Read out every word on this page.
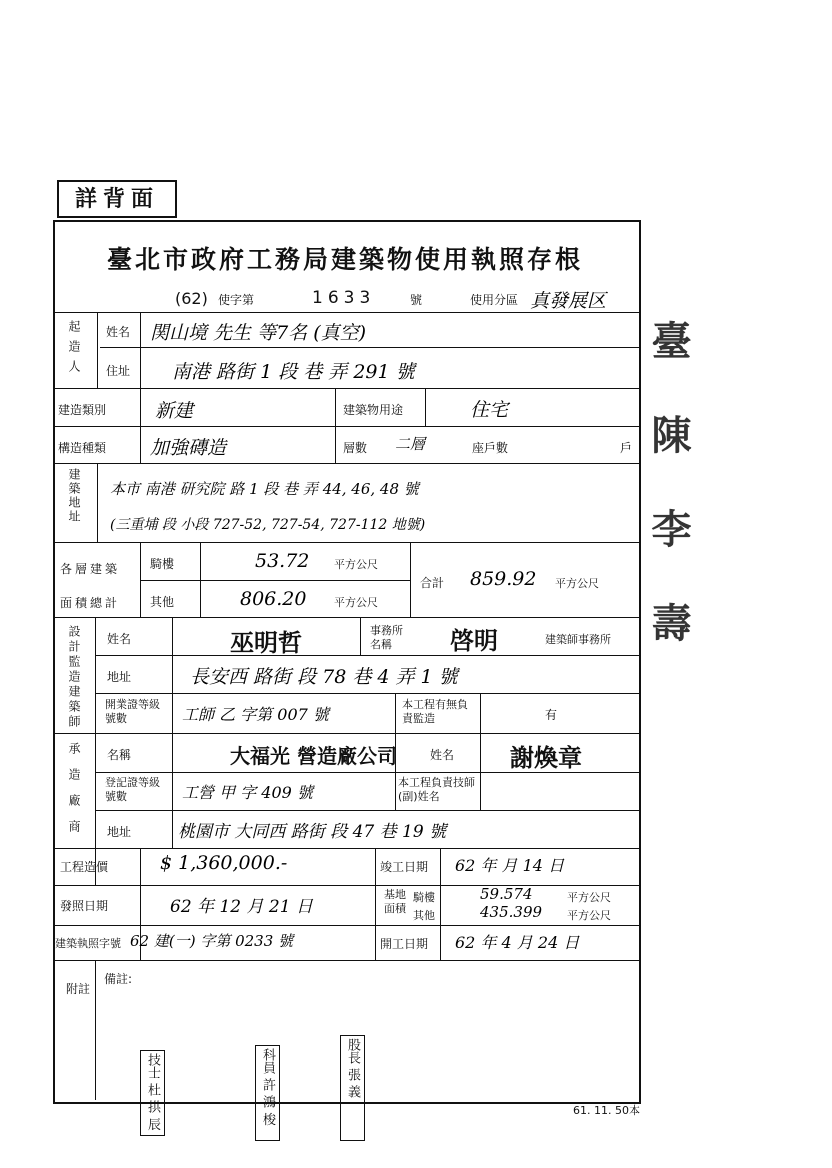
詳背面
臺北市政府工務局建築物使用執照存根
(62) 使字第	1633	號	使用分區 真發展区
起造人 姓名 関山境 先生 等7名 (真空)
住址 南港 路街 1 段 巷 弄 291 號
建造類別	新建	建築物用途	住宅
構造種類 加強磚造	層數 二層	座戶數	戶
建築地址 本市 南港 研究院 路 1 段 巷 弄 44, 46, 48 號
(三重埔 段 小段 727-52, 727-54, 727-112 地號)
各層建築面積總計
騎樓	53.72 平方公尺
其他	806.20	平方公尺
合計 859.92 平方公尺
設計監造建築師 姓名	巫明哲	事務所名稱	啓明	建築師事務所
地址	長安西 路街 段 78 巷 4 弄 1 號
開業證等級號數	工師 乙 字第 007 號
本工程有無負責監造	有
承造廠商 名稱	大福光 營造廠公司	姓名 謝煥章
登記證等級號數	工營 甲 字 409 號
本工程負責技師(副)姓名
地址	桃園市 大同西 路街 段 47 巷 19 號
工程造價	$ 1,360,000.-	竣工日期 62 年 月 14 日
發照日期	62 年 12 月 21 日
基地面積
騎樓	59.574	平方公尺
其他	435.399 平方公尺
建築執照字號 62 建(一) 字第 0233 號	開工日期 62 年 4 月 24 日
附註
備註:
技士 杜 拱 辰	科員 許 鴻 梭	股長 張 義
61. 11. 50本
臺 陳 李 壽
